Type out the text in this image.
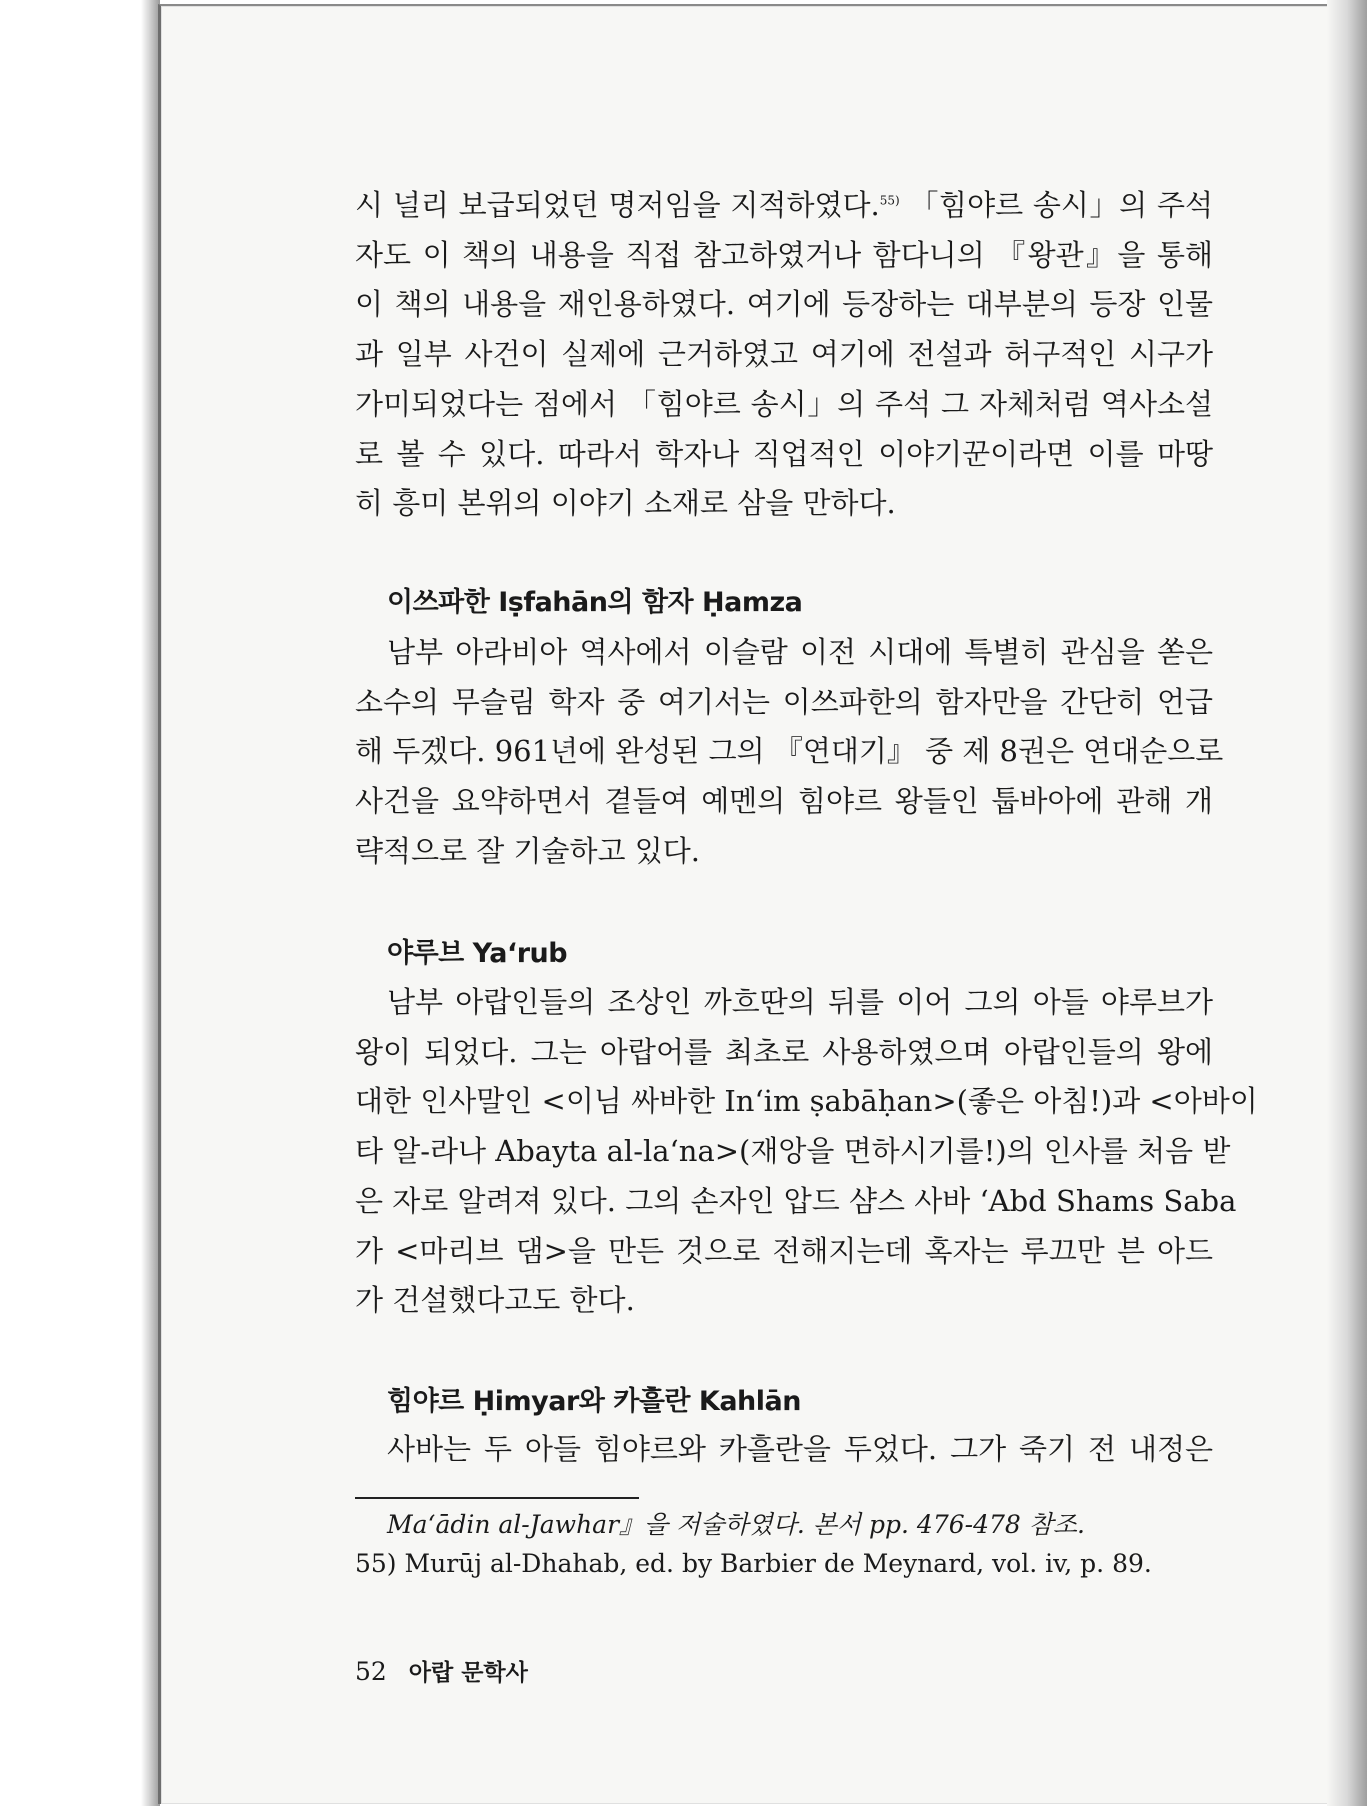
시 널리 보급되었던 명저임을 지적하였다.$^{55)}$ 「힘야르 송시」의 주석
자도 이 책의 내용을 직접 참고하였거나 함다니의 『왕관』을 통해
이 책의 내용을 재인용하였다. 여기에 등장하는 대부분의 등장 인물
과 일부 사건이 실제에 근거하였고 여기에 전설과 허구적인 시구가
가미되었다는 점에서 「힘야르 송시」의 주석 그 자체처럼 역사소설
로 볼 수 있다. 따라서 학자나 직업적인 이야기꾼이라면 이를 마땅
히 흥미 본위의 이야기 소재로 삼을 만하다.

이쓰파한 Iṣfahān의 함자 Ḥamza

남부 아라비아 역사에서 이슬람 이전 시대에 특별히 관심을 쏟은
소수의 무슬림 학자 중 여기서는 이쓰파한의 함자만을 간단히 언급
해 두겠다. 961년에 완성된 그의 『연대기』 중 제 8권은 연대순으로
사건을 요약하면서 곁들여 예멘의 힘야르 왕들인 툽바아에 관해 개
략적으로 잘 기술하고 있다.

야루브 Ya‘rub

남부 아랍인들의 조상인 까흐딴의 뒤를 이어 그의 아들 야루브가
왕이 되었다. 그는 아랍어를 최초로 사용하였으며 아랍인들의 왕에
대한 인사말인 <이님 싸바한 In‘im ṣabāḥan>(좋은 아침!)과 <아바이
타 알-라나 Abayta al-la‘na>(재앙을 면하시기를!)의 인사를 처음 받
은 자로 알려져 있다. 그의 손자인 압드 샴스 사바 ‘Abd Shams Saba
가 <마리브 댐>을 만든 것으로 전해지는데 혹자는 루끄만 븐 아드
가 건설했다고도 한다.

힘야르 Ḥimyar와 카흘란 Kahlān

사바는 두 아들 힘야르와 카흘란을 두었다. 그가 죽기 전 내정은

Ma‘ādin al-Jawhar』을 저술하였다. 본서 pp. 476-478 참조.
55) Murūj al-Dhahab, ed. by Barbier de Meynard, vol. iv, p. 89.
52 아랍 문학사
